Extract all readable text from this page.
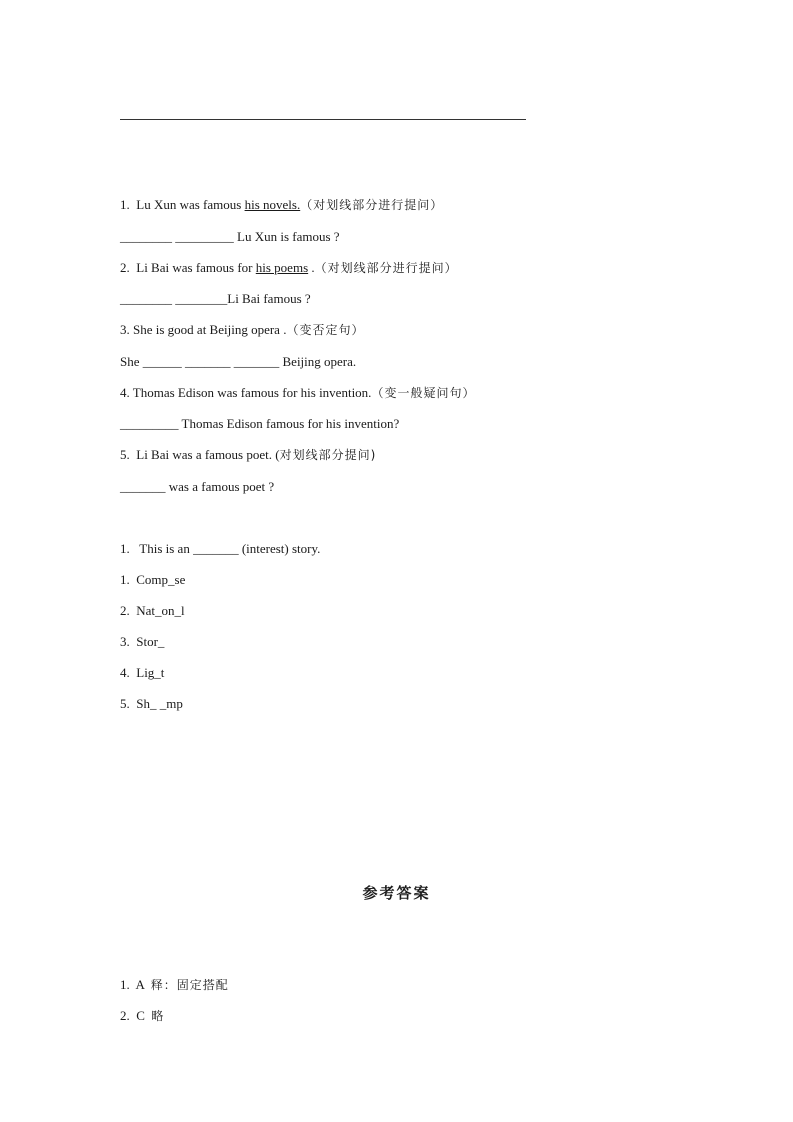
1.  Lu Xun was famous his novels.（对划线部分进行提问）
________ _________ Lu Xun is famous ?
2.  Li Bai was famous for his poems .（对划线部分进行提问）
________ ________Li Bai famous ?
3. She is good at Beijing opera .（变否定句）
She ______ _______ _______ Beijing opera.
4. Thomas Edison was famous for his invention.（变一般疑问句）
_________ Thomas Edison famous for his invention?
5.  Li Bai was a famous poet. (对划线部分提问)
_______ was a famous poet ?
1.   This is an _______ (interest) story.
1.  Comp_se
2.  Nat_on_l
3.  Stor_
4.  Lig_t
5.  Sh_ _mp
参考答案
1.  A  释：固定搭配
2.  C  略
